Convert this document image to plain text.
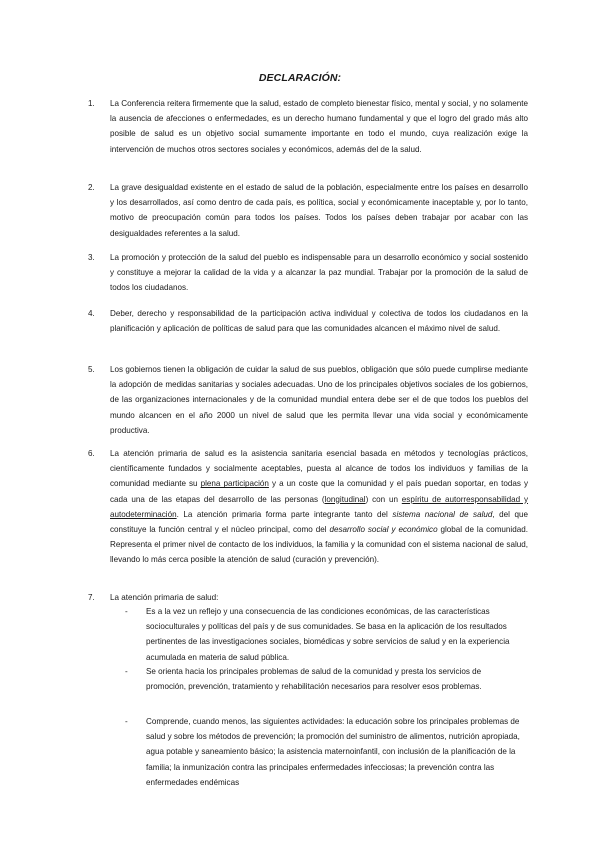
DECLARACIÓN:
1.	La Conferencia reitera firmemente que la salud, estado de completo bienestar físico, mental y social, y no solamente la ausencia de afecciones o enfermedades, es un derecho humano fundamental y que el logro del grado más alto posible de salud es un objetivo social sumamente importante en todo el mundo, cuya realización exige la intervención de muchos otros sectores sociales y económicos, además del de la salud.
2.	La grave desigualdad existente en el estado de salud de la población, especialmente entre los países en desarrollo y los desarrollados, así como dentro de cada país, es política, social y económicamente inaceptable y, por lo tanto, motivo de preocupación común para todos los países. Todos los países deben trabajar por acabar con las desigualdades referentes a la salud.
3.	La promoción y protección de la salud del pueblo es indispensable para un desarrollo económico y social sostenido y constituye a mejorar la calidad de la vida y a alcanzar la paz mundial. Trabajar por la promoción de la salud de todos los ciudadanos.
4.	Deber, derecho y responsabilidad de la participación activa individual y colectiva de todos los ciudadanos en la planificación y aplicación de políticas de salud para que las comunidades alcancen el máximo nivel de salud.
5.	Los gobiernos tienen la obligación de cuidar la salud de sus pueblos, obligación que sólo puede cumplirse mediante la adopción de medidas sanitarias y sociales adecuadas. Uno de los principales objetivos sociales de los gobiernos, de las organizaciones internacionales y de la comunidad mundial entera debe ser el de que todos los pueblos del mundo alcancen en el año 2000 un nivel de salud que les permita llevar una vida social y económicamente productiva.
6.	La atención primaria de salud es la asistencia sanitaria esencial basada en métodos y tecnologías prácticos, científicamente fundados y socialmente aceptables, puesta al alcance de todos los individuos y familias de la comunidad mediante su plena participación y a un coste que la comunidad y el país puedan soportar, en todas y cada una de las etapas del desarrollo de las personas (longitudinal) con un espíritu de autorresponsabilidad y autodeterminación. La atención primaria forma parte integrante tanto del sistema nacional de salud, del que constituye la función central y el núcleo principal, como del desarrollo social y económico global de la comunidad. Representa el primer nivel de contacto de los individuos, la familia y la comunidad con el sistema nacional de salud, llevando lo más cerca posible la atención de salud (curación y prevención).
7.	La atención primaria de salud:
- Es a la vez un reflejo y una consecuencia de las condiciones económicas, de las características socioculturales y políticas del país y de sus comunidades. Se basa en la aplicación de los resultados pertinentes de las investigaciones sociales, biomédicas y sobre servicios de salud y en la experiencia acumulada en materia de salud pública.
- Se orienta hacia los principales problemas de salud de la comunidad y presta los servicios de promoción, prevención, tratamiento y rehabilitación necesarios para resolver esos problemas.
- Comprende, cuando menos, las siguientes actividades: la educación sobre los principales problemas de salud y sobre los métodos de prevención; la promoción del suministro de alimentos, nutrición apropiada, agua potable y saneamiento básico; la asistencia maternoinfantil, con inclusión de la planificación de la familia; la inmunización contra las principales enfermedades infecciosas; la prevención contra las enfermedades endémicas
